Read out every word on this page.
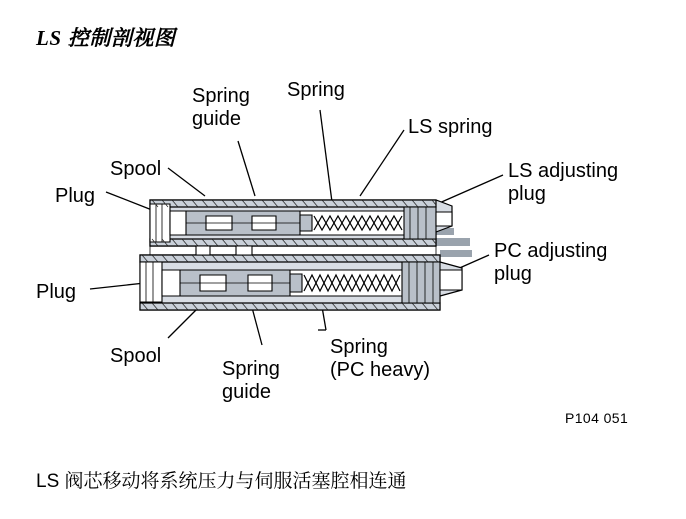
LS 控制剖视图
Spring
guide
Spring
LS spring
Spool	LS adjusting
plug
Plug
PC adjusting
plug
Plug
Spool
Spring
guide
Spring
(PC heavy)
P104 051
LS 阀芯移动将系统压力与伺服活塞腔相连通
